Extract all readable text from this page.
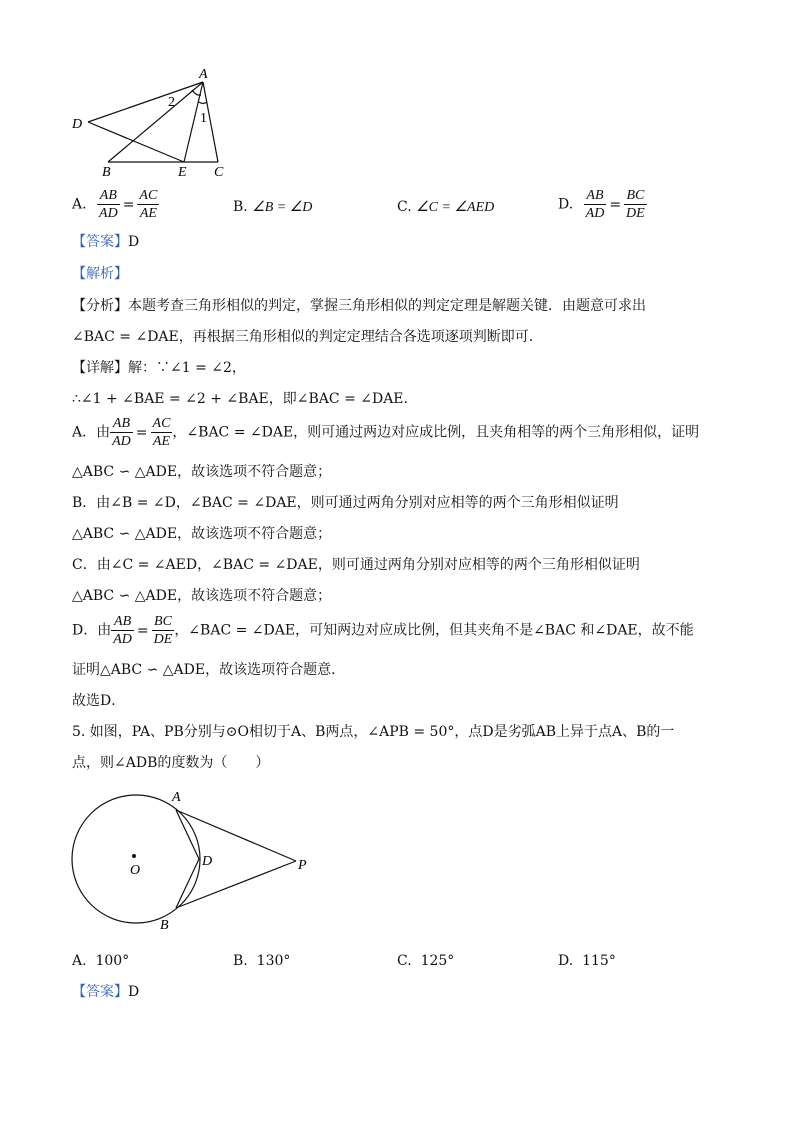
A
D
B	E C
1
2
A. $\frac{AB}{AD} = \frac{AC}{AE}$	B. ∠B = ∠D	C. ∠C = ∠AED	D. $\frac{AB}{AD} = \frac{BC}{DE}$
【答案】D
【解析】
【分析】本题考查三角形相似的判定，掌握三角形相似的判定定理是解题关键．由题意可求出
∠BAC = ∠DAE，再根据三角形相似的判定定理结合各选项逐项判断即可．
【详解】解：∵∠1 = ∠2，
∴∠1 + ∠BAE = ∠2 + ∠BAE，即∠BAC = ∠DAE．
A．由 $\frac{AB}{AD} = \frac{AC}{AE}$ ，∠BAC = ∠DAE，则可通过两边对应成比例，且夹角相等的两个三角形相似，证明
△ABC ∽ △ADE，故该选项不符合题意；
B．由∠B = ∠D，∠BAC = ∠DAE，则可通过两角分别对应相等的两个三角形相似证明
△ABC ∽ △ADE，故该选项不符合题意；
C．由∠C = ∠AED，∠BAC = ∠DAE，则可通过两角分别对应相等的两个三角形相似证明
△ABC ∽ △ADE，故该选项不符合题意；
D．由 $\frac{AB}{AD} = \frac{BC}{DE}$ ，∠BAC = ∠DAE，可知两边对应成比例，但其夹角不是∠BAC 和∠DAE，故不能
证明△ABC ∽ △ADE，故该选项符合题意．
故选D．
5. 如图，PA、PB分别与⊙O相切于A、B两点，∠APB = 50°，点D是劣弧AB上异于点A、B的一
点，则∠ADB的度数为（　　）
A
D
O	P
B
A. 100°	B. 130°	C. 125°	D. 115°
【答案】D
